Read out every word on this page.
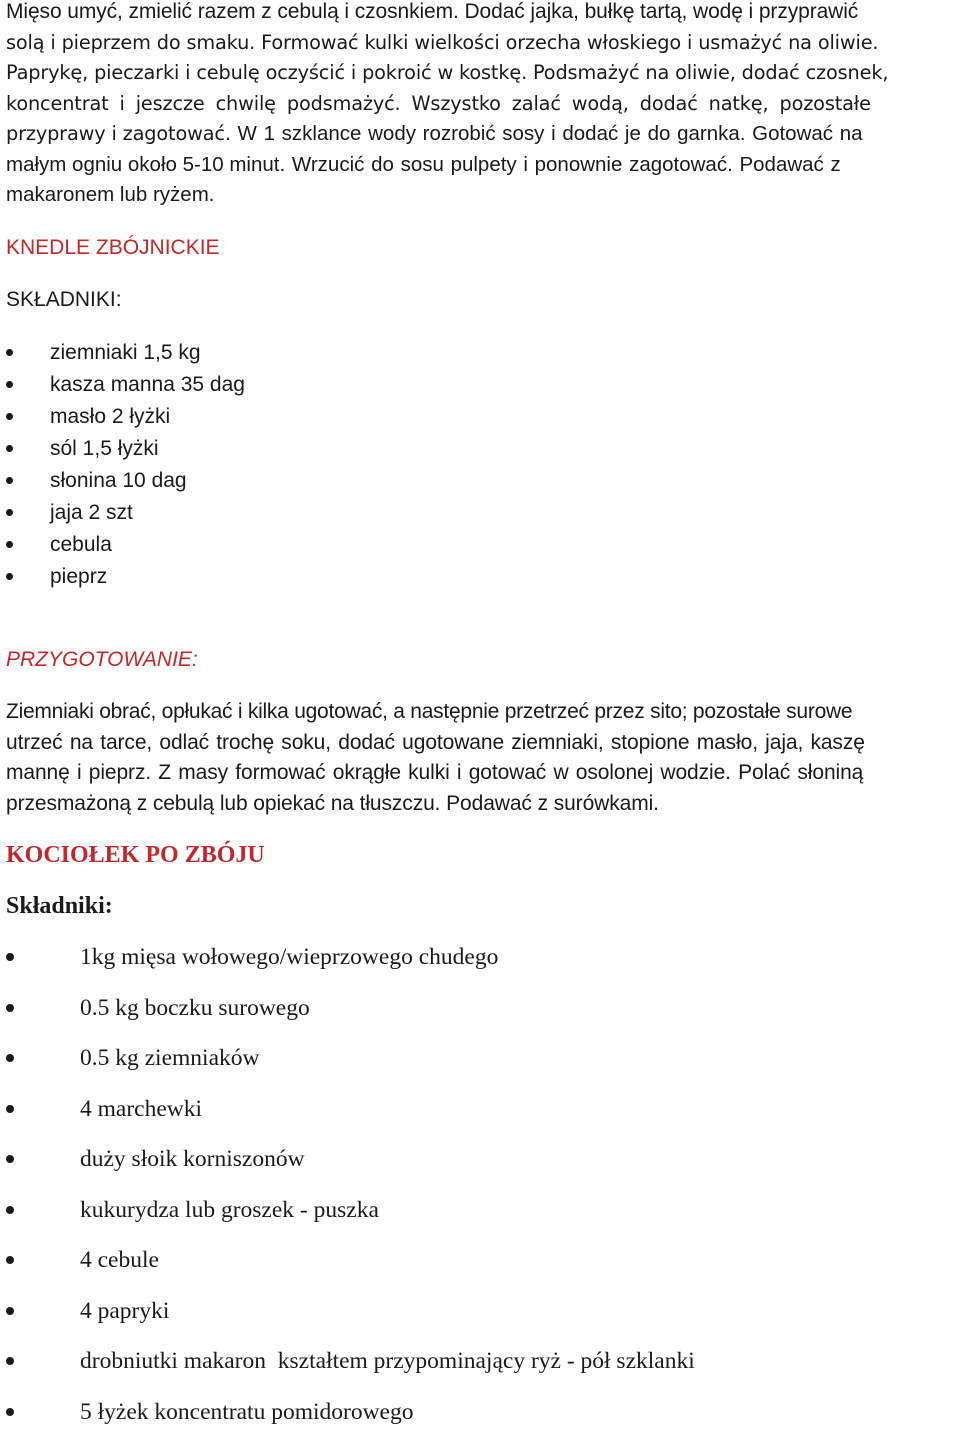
Mięso umyć, zmielić razem z cebulą i czosnkiem. Dodać jajka, bułkę tartą, wodę i przyprawić
solą i pieprzem do smaku. Formować kulki wielkości orzecha włoskiego i usmażyć na oliwie.
Paprykę, pieczarki i cebulę oczyścić i pokroić w kostkę. Podsmażyć na oliwie, dodać czosnek,
koncentrat i jeszcze chwilę podsmażyć. Wszystko zalać wodą, dodać natkę, pozostałe
przyprawy i zagotować. W 1 szklance wody rozrobić sosy i dodać je do garnka. Gotować na
małym ogniu około 5-10 minut. Wrzucić do sosu pulpety i ponownie zagotować. Podawać z
makaronem lub ryżem.
KNEDLE ZBÓJNICKIE
SKŁADNIKI:
ziemniaki 1,5 kg
kasza manna 35 dag
masło 2 łyżki
sól 1,5 łyżki
słonina 10 dag
jaja 2 szt
cebula
pieprz
PRZYGOTOWANIE:
Ziemniaki obrać, opłukać i kilka ugotować, a następnie przetrzeć przez sito; pozostałe surowe
utrzeć na tarce, odlać trochę soku, dodać ugotowane ziemniaki, stopione masło, jaja, kaszę
mannę i pieprz. Z masy formować okrągłe kulki i gotować w osolonej wodzie. Polać słoniną
przesmażoną z cebulą lub opiekać na tłuszczu. Podawać z surówkami.
KOCIOŁEK PO ZBÓJU
Składniki:
1kg mięsa wołowego/wieprzowego chudego
0.5 kg boczku surowego
0.5 kg ziemniaków
4 marchewki
duży słoik korniszonów
kukurydza lub groszek - puszka
4 cebule
4 papryki
drobniutki makaron  kształtem przypominający ryż - pół szklanki
5 łyżek koncentratu pomidorowego
